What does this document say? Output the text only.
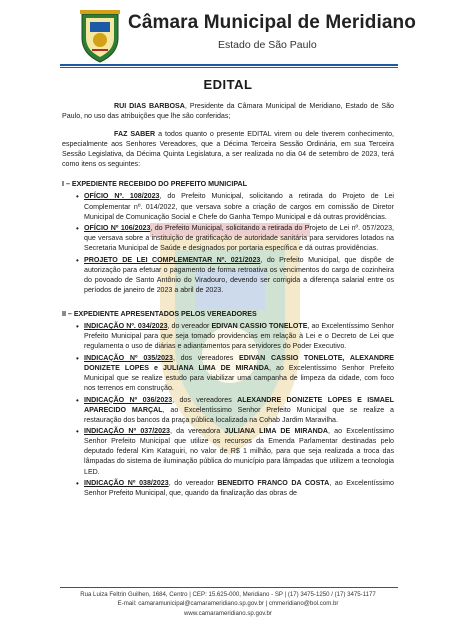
Câmara Municipal de Meridiano
Estado de São Paulo
EDITAL

RUI DIAS BARBOSA, Presidente da Câmara Municipal de Meridiano, Estado de São Paulo, no uso das atribuições que lhe são conferidas;

FAZ SABER a todos quanto o presente EDITAL virem ou dele tiverem conhecimento, especialmente aos Senhores Vereadores, que a Décima Terceira Sessão Ordinária, em sua Terceira Sessão Legislativa, da Décima Quinta Legislatura, a ser realizada no dia 04 de setembro de 2023, terá como itens os seguintes:

I – EXPEDIENTE RECEBIDO DO PREFEITO MUNICIPAL
• OFÍCIO Nº. 108/2023, do Prefeito Municipal, solicitando a retirada do Projeto de Lei Complementar nº. 014/2022, que versava sobre a criação de cargos em comissão de Diretor Municipal de Comunicação Social e Chefe do Ganha Tempo Municipal e dá outras providências.
• OFÍCIO Nº 106/2023, do Prefeito Municipal, solicitando a retirada do Projeto de Lei nº. 057/2023, que versava sobre a instituição de gratificação de autoridade sanitária para servidores lotados na Secretaria Municipal de Saúde e designados por portaria específica e dá outras providências.
• PROJETO DE LEI COMPLEMENTAR Nº. 021/2023, do Prefeito Municipal, que dispõe de autorização para efetuar o pagamento de forma retroativa os vencimentos do cargo de cozinheira do povoado de Santo Antônio do Viradouro, devendo ser corrigida a diferença salarial entre os períodos de janeiro de 2023 a abril de 2023.
II – EXPEDIENTE APRESENTADOS PELOS VEREADORES
• INDICAÇÃO Nº. 034/2023, do vereador EDIVAN CASSIO TONELOTE, ao Excelentíssimo Senhor Prefeito Municipal para que seja tomado providencias em relação à Lei e o Decreto de Lei que regulamenta o uso de diárias e adiantamentos para servidores do Poder Executivo.
• INDICAÇÃO Nº 035/2023, dos vereadores EDIVAN CASSIO TONELOTE, ALEXANDRE DONIZETE LOPES e JULIANA LIMA DE MIRANDA, ao Excelentíssimo Senhor Prefeito Municipal que se realize estudo para viabilizar uma campanha de limpeza da cidade, com foco nos terrenos em construção.
• INDICAÇÃO Nº 036/2023, dos vereadores ALEXANDRE DONIZETE LOPES E ISMAEL APARECIDO MARÇAL, ao Excelentíssimo Senhor Prefeito Municipal que se realize a restauração dos bancos da praça pública localizada na Cohab Jardim Maravilha.
• INDICAÇÃO Nº 037/2023, da vereadora JULIANA LIMA DE MIRANDA, ao Excelentíssimo Senhor Prefeito Municipal que utilize os recursos da Emenda Parlamentar destinadas pelo deputado federal Kim Kataguiri, no valor de R$ 1 milhão, para que seja realizada a troca das lâmpadas do sistema de iluminação pública do município para lâmpadas que utilizem a tecnologia LED.
• INDICAÇÃO Nº 038/2023, do vereador BENEDITO FRANCO DA COSTA, ao Excelentíssimo Senhor Prefeito Municipal, que, quando da finalização das obras de
Rua Luiza Feltrin Guilhen, 1684, Centro | CEP: 15.625-000, Meridiano - SP | (17) 3475-1250 / (17) 3475-1177
E-mail: camaramunicipal@camarameridiano.sp.gov.br | cmmeridiano@bol.com.br
www.camarameridiano.sp.gov.br
